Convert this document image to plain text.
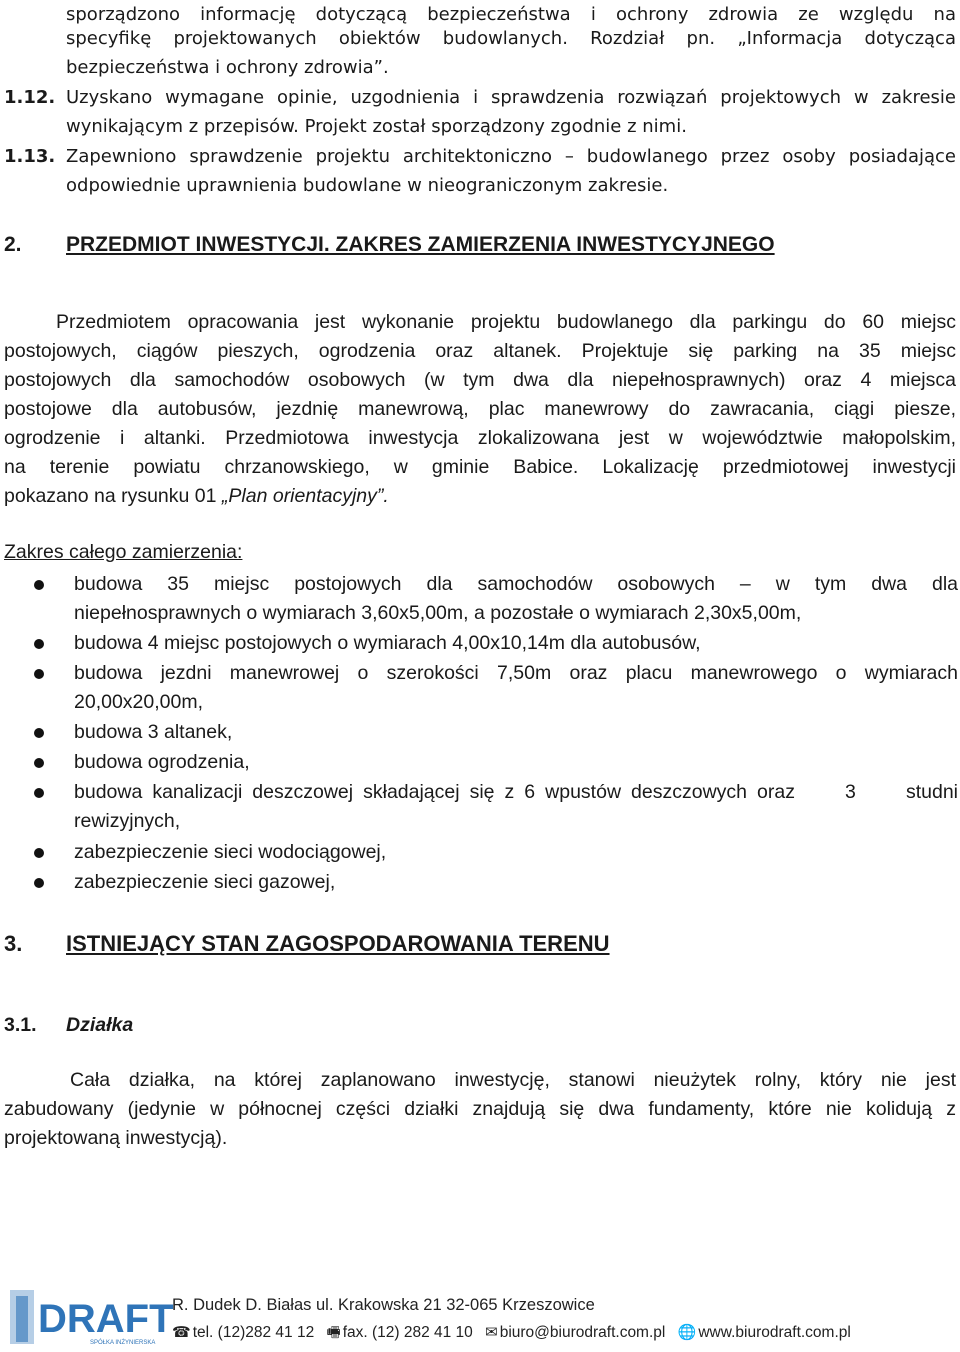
sporządzono informację dotyczącą bezpieczeństwa i ochrony zdrowia ze względu na
specyfikę projektowanych obiektów budowlanych. Rozdział pn. „Informacja dotycząca
bezpieczeństwa i ochrony zdrowia”.
1.12. Uzyskano wymagane opinie, uzgodnienia i sprawdzenia rozwiązań projektowych w zakresie
wynikającym z przepisów. Projekt został sporządzony zgodnie z nimi.
1.13. Zapewniono sprawdzenie projektu architektoniczno – budowlanego przez osoby posiadające
odpowiednie uprawnienia budowlane w nieograniczonym zakresie.
2. PRZEDMIOT INWESTYCJI. ZAKRES ZAMIERZENIA INWESTYCYJNEGO
Przedmiotem opracowania jest wykonanie projektu budowlanego dla parkingu do 60 miejsc
postojowych, ciągów pieszych, ogrodzenia oraz altanek. Projektuje się parking na 35 miejsc
postojowych dla samochodów osobowych (w tym dwa dla niepełnosprawnych) oraz 4 miejsca
postojowe dla autobusów, jezdnię manewrową, plac manewrowy do zawracania, ciągi piesze,
ogrodzenie i altanki. Przedmiotowa inwestycja zlokalizowana jest w województwie małopolskim,
na terenie powiatu chrzanowskiego, w gminie Babice. Lokalizację przedmiotowej inwestycji
pokazano na rysunku 01 „Plan orientacyjny”.
Zakres całego zamierzenia:
budowa 35 miejsc postojowych dla samochodów osobowych – w tym dwa dla
niepełnosprawnych o wymiarach 3,60x5,00m, a pozostałe o wymiarach 2,30x5,00m,
budowa 4 miejsc postojowych o wymiarach 4,00x10,14m dla autobusów,
budowa jezdni manewrowej o szerokości 7,50m oraz placu manewrowego o wymiarach
20,00x20,00m,
budowa 3 altanek,
budowa ogrodzenia,
budowa kanalizacji deszczowej składającej się z 6 wpustów deszczowych oraz     3     studni
rewizyjnych,
zabezpieczenie sieci wodociągowej,
zabezpieczenie sieci gazowej,
3. ISTNIEJĄCY STAN ZAGOSPODAROWANIA TERENU
3.1. Działka
Cała działka, na której zaplanowano inwestycję, stanowi nieużytek rolny, który nie jest
zabudowany (jedynie w północnej części działki znajdują się dwa fundamenty, które nie kolidują z
projektowaną inwestycją).
DRAFT
SPÓŁKA INŻYNIERSKA
R. Dudek D. Białas ul. Krakowska 21 32-065 Krzeszowice
☎ tel. (12)282 41 12 🖷 fax. (12) 282 41 10 ✉ biuro@biurodraft.com.pl 🌐 www.biurodraft.com.pl
